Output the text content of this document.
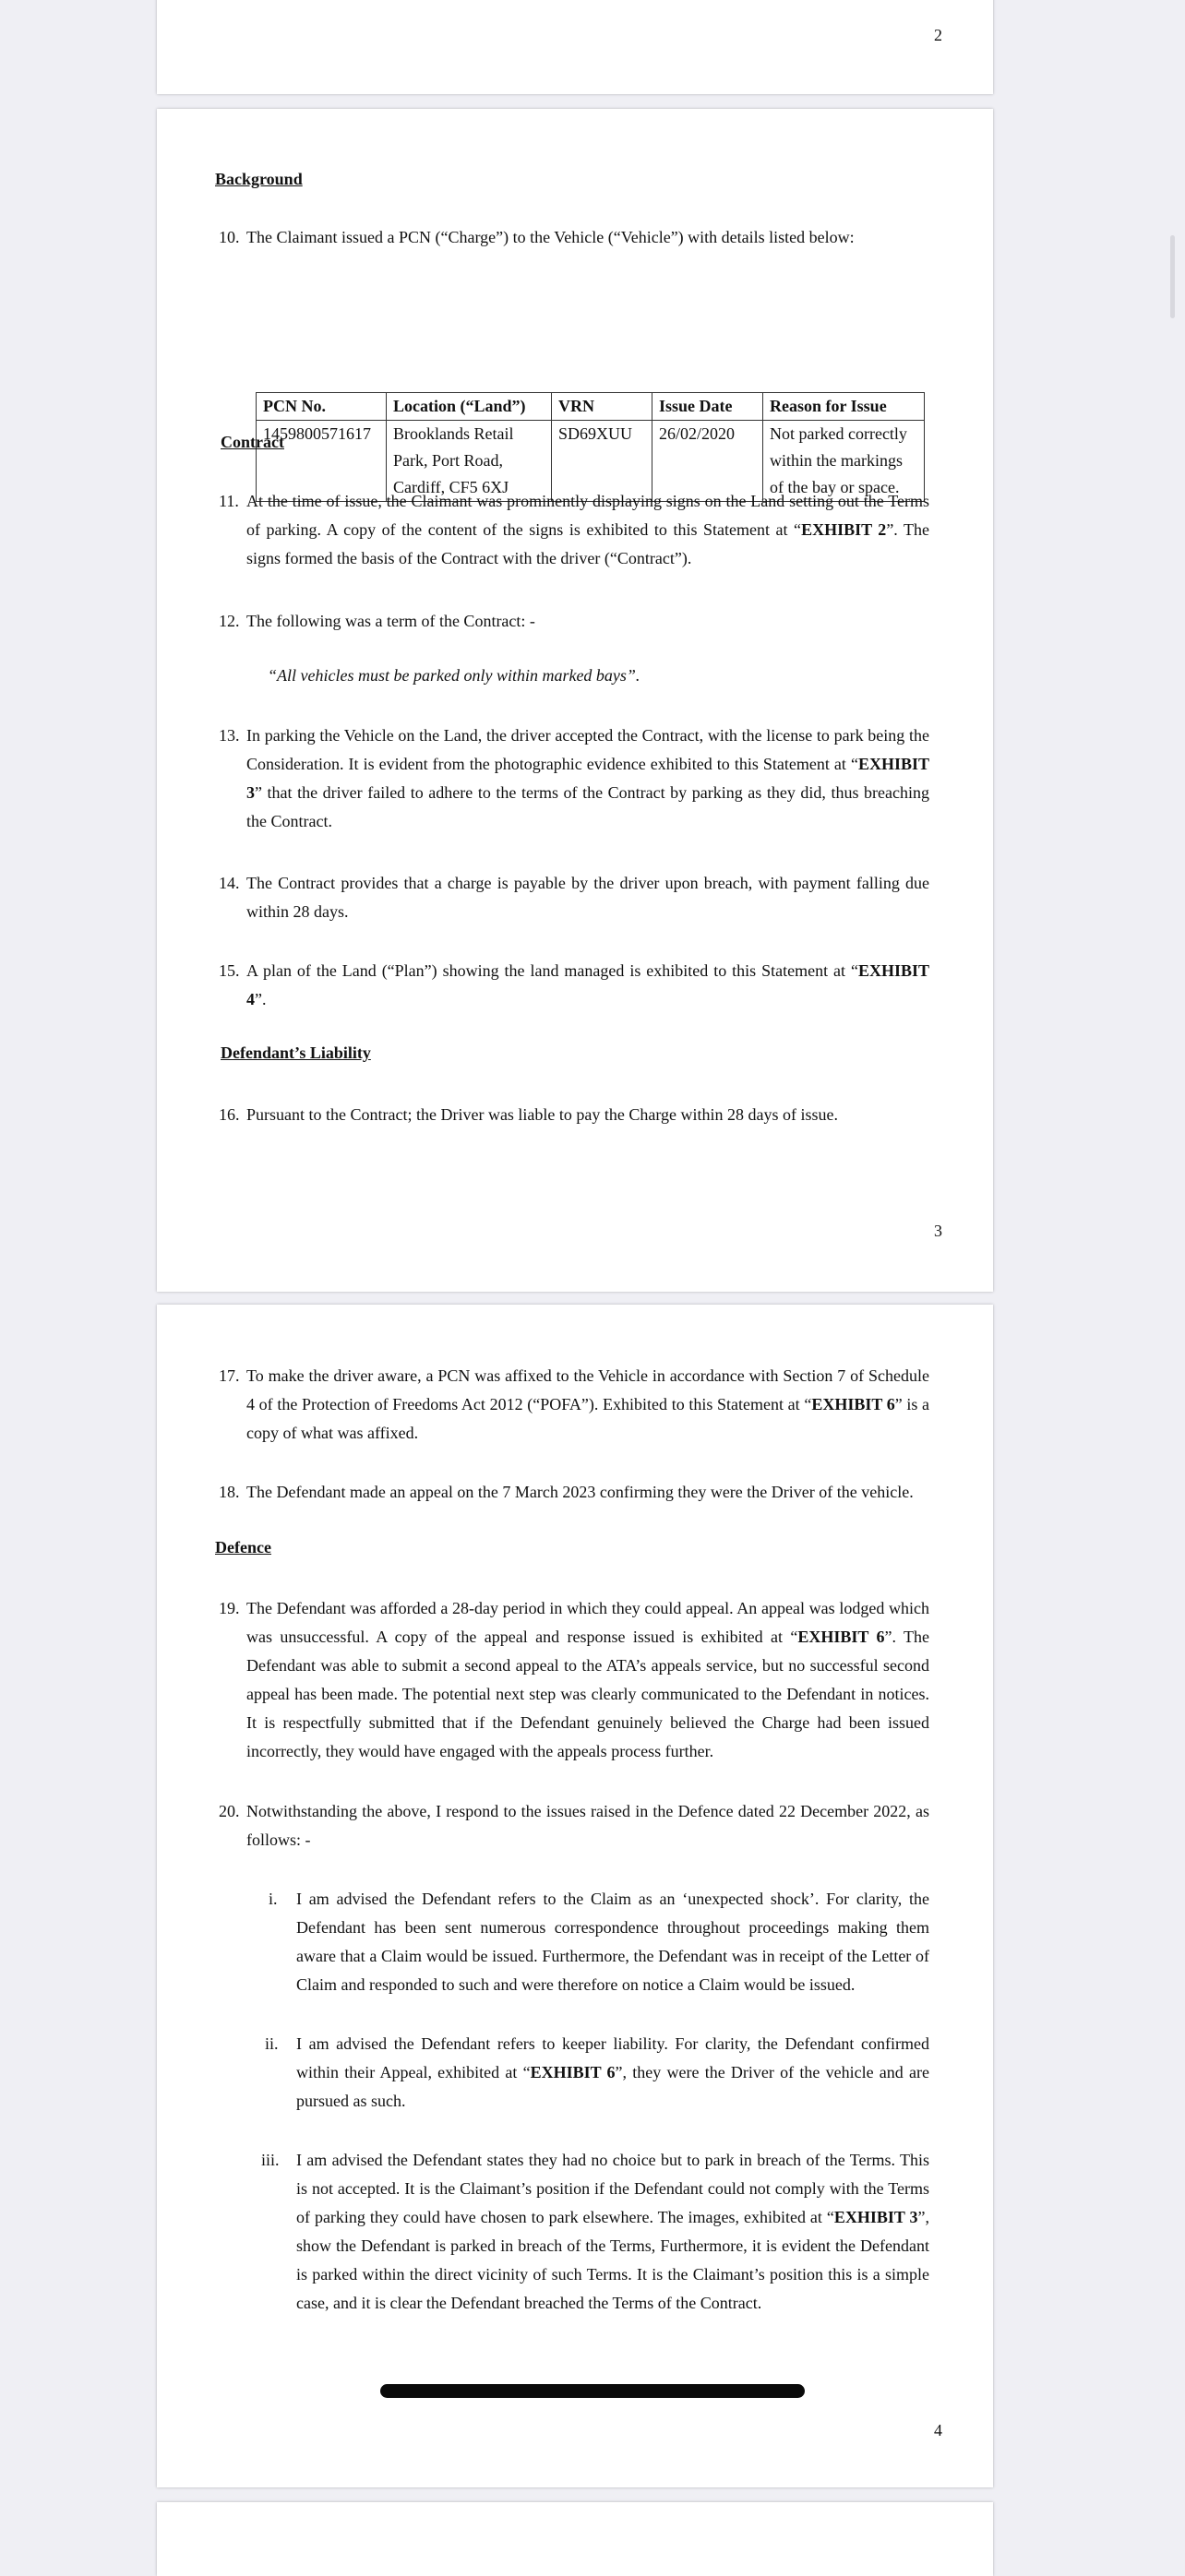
2
Background
10. The Claimant issued a PCN (“Charge”) to the Vehicle (“Vehicle”) with details listed below:
PCN No.	Location (“Land”)	VRN	Issue Date	Reason for Issue
1459800571617	Brooklands Retail Park, Port Road, Cardiff, CF5 6XJ	SD69XUU	26/02/2020	Not parked correctly within the markings of the bay or space.
Contract
11. At the time of issue, the Claimant was prominently displaying signs on the Land setting out the Terms of parking. A copy of the content of the signs is exhibited to this Statement at “EXHIBIT 2”. The signs formed the basis of the Contract with the driver (“Contract”).
12. The following was a term of the Contract: -
“All vehicles must be parked only within marked bays”.
13. In parking the Vehicle on the Land, the driver accepted the Contract, with the license to park being the Consideration. It is evident from the photographic evidence exhibited to this Statement at “EXHIBIT 3” that the driver failed to adhere to the terms of the Contract by parking as they did, thus breaching the Contract.
14. The Contract provides that a charge is payable by the driver upon breach, with payment falling due within 28 days.
15. A plan of the Land (“Plan”) showing the land managed is exhibited to this Statement at “EXHIBIT 4”.
Defendant’s Liability
16. Pursuant to the Contract; the Driver was liable to pay the Charge within 28 days of issue.
3
17. To make the driver aware, a PCN was affixed to the Vehicle in accordance with Section 7 of Schedule 4 of the Protection of Freedoms Act 2012 (“POFA”). Exhibited to this Statement at “EXHIBIT 6” is a copy of what was affixed.
18. The Defendant made an appeal on the 7 March 2023 confirming they were the Driver of the vehicle.
Defence
19. The Defendant was afforded a 28-day period in which they could appeal. An appeal was lodged which was unsuccessful. A copy of the appeal and response issued is exhibited at “EXHIBIT 6”. The Defendant was able to submit a second appeal to the ATA’s appeals service, but no successful second appeal has been made. The potential next step was clearly communicated to the Defendant in notices. It is respectfully submitted that if the Defendant genuinely believed the Charge had been issued incorrectly, they would have engaged with the appeals process further.
20. Notwithstanding the above, I respond to the issues raised in the Defence dated 22 December 2022, as follows: -
i.	I am advised the Defendant refers to the Claim as an ‘unexpected shock’. For clarity, the Defendant has been sent numerous correspondence throughout proceedings making them aware that a Claim would be issued. Furthermore, the Defendant was in receipt of the Letter of Claim and responded to such and were therefore on notice a Claim would be issued.
ii.	I am advised the Defendant refers to keeper liability. For clarity, the Defendant confirmed within their Appeal, exhibited at “EXHIBIT 6”, they were the Driver of the vehicle and are pursued as such.
iii.	I am advised the Defendant states they had no choice but to park in breach of the Terms. This is not accepted. It is the Claimant’s position if the Defendant could not comply with the Terms of parking they could have chosen to park elsewhere. The images, exhibited at “EXHIBIT 3”, show the Defendant is parked in breach of the Terms, Furthermore, it is evident the Defendant is parked within the direct vicinity of such Terms. It is the Claimant’s position this is a simple case, and it is clear the Defendant breached the Terms of the Contract.
4
